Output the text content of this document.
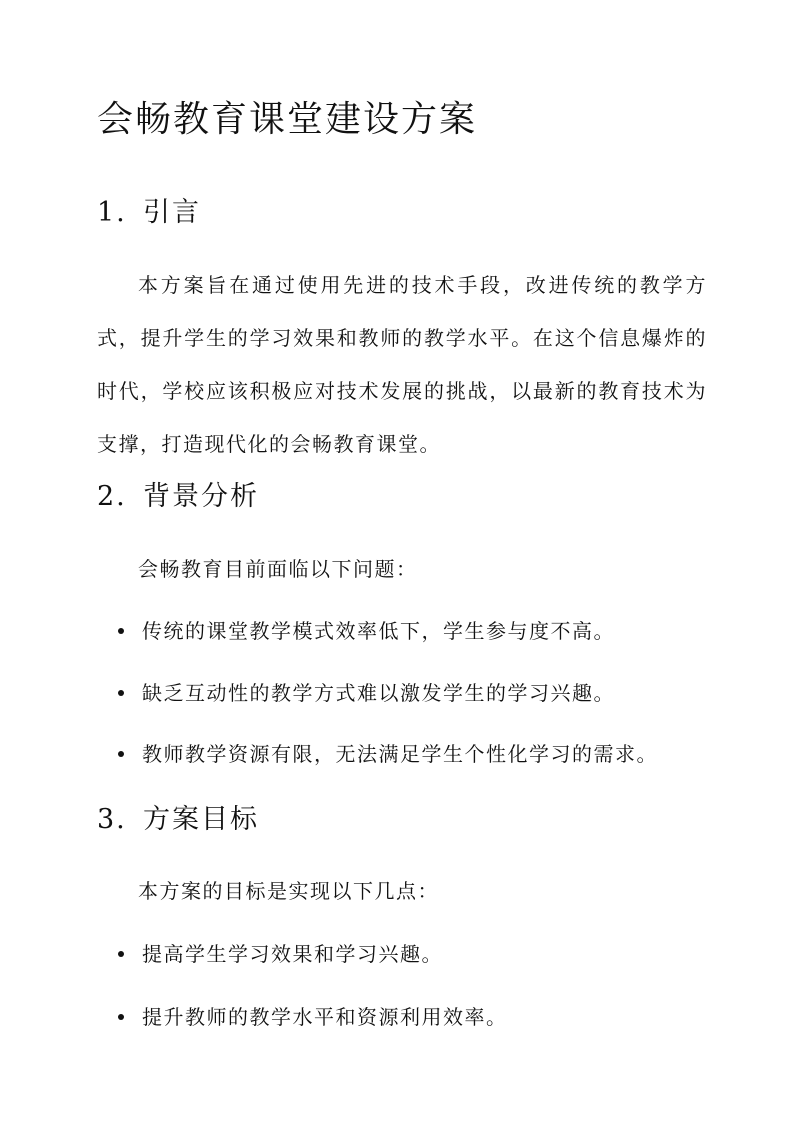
会畅教育课堂建设方案
1. 引言
本方案旨在通过使用先进的技术手段，改进传统的教学方式，提升学生的学习效果和教师的教学水平。在这个信息爆炸的时代，学校应该积极应对技术发展的挑战，以最新的教育技术为支撑，打造现代化的会畅教育课堂。
2. 背景分析
会畅教育目前面临以下问题：
传统的课堂教学模式效率低下，学生参与度不高。
缺乏互动性的教学方式难以激发学生的学习兴趣。
教师教学资源有限，无法满足学生个性化学习的需求。
3. 方案目标
本方案的目标是实现以下几点：
提高学生学习效果和学习兴趣。
提升教师的教学水平和资源利用效率。
